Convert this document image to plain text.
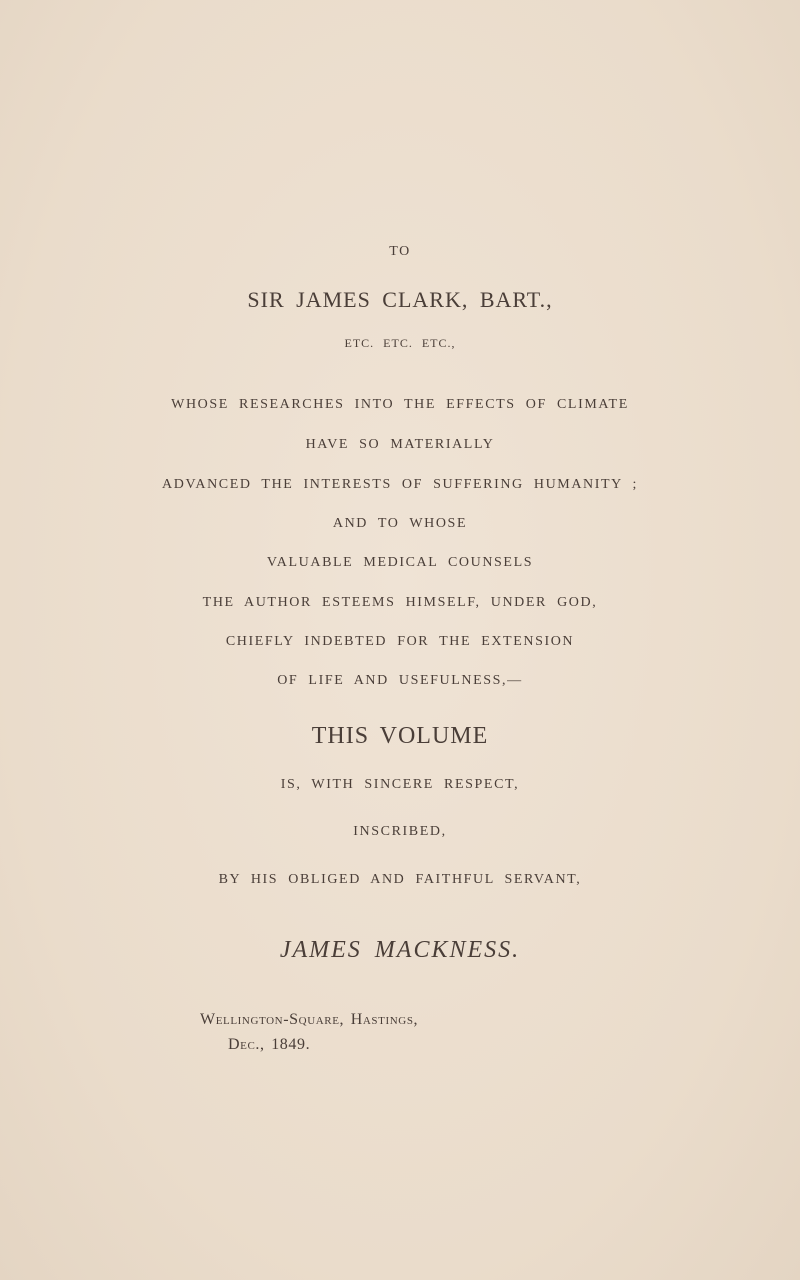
TO
SIR JAMES CLARK, BART.,
ETC. ETC. ETC.,
WHOSE RESEARCHES INTO THE EFFECTS OF CLIMATE
HAVE SO MATERIALLY
ADVANCED THE INTERESTS OF SUFFERING HUMANITY ;
AND TO WHOSE
VALUABLE MEDICAL COUNSELS
THE AUTHOR ESTEEMS HIMSELF, UNDER GOD,
CHIEFLY INDEBTED FOR THE EXTENSION
OF LIFE AND USEFULNESS,—
THIS VOLUME
IS, WITH SINCERE RESPECT,
INSCRIBED,
BY HIS OBLIGED AND FAITHFUL SERVANT,
JAMES MACKNESS.
Wellington-Square, Hastings,
Dec., 1849.
